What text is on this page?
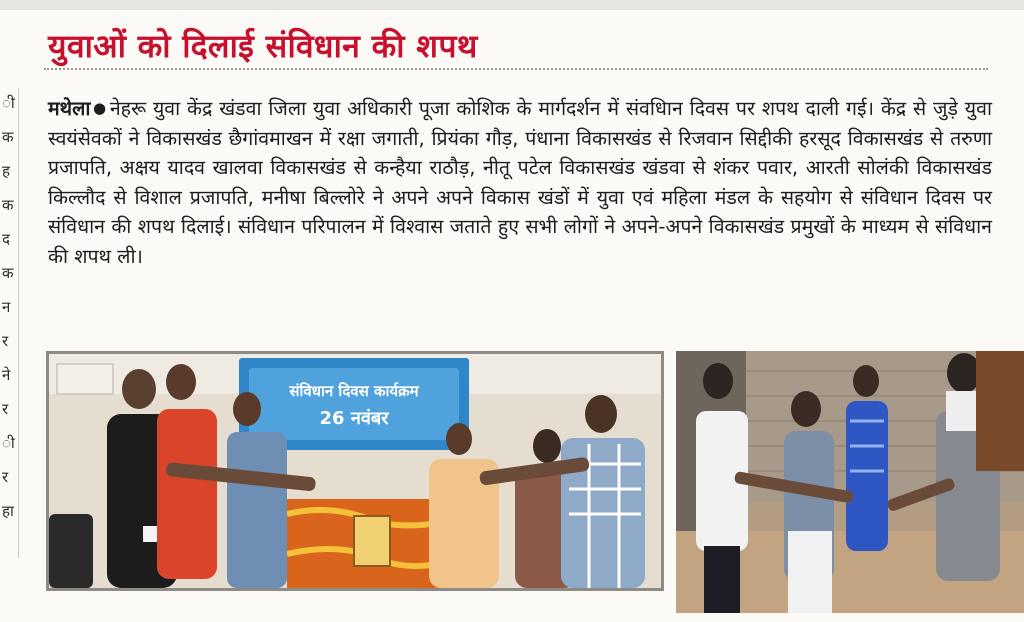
ी
क
ह
क
द
क
न
र
ने
र
ी
र
हा
युवाओं को दिलाई संविधान की शपथ

मथेला ● नेहरू युवा केंद्र खंडवा जिला युवा अधिकारी पूजा कोशिक के मार्गदर्शन में संवधिान दिवस पर शपथ दाली गई। केंद्र से जुड़े युवा स्वयंसेवकों ने विकासखंड छैगांवमाखन में रक्षा जगाती, प्रियंका गौड़, पंधाना विकासखंड से रिजवान सिद्दीकी हरसूद विकासखंड से तरुणा प्रजापति, अक्षय यादव खालवा विकासखंड से कन्हैया राठौड़, नीतू पटेल विकासखंड खंडवा से शंकर पवार, आरती सोलंकी विकासखंड किल्लौद से विशाल प्रजापति, मनीषा बिल्लोरे ने अपने अपने विकास खंडों में युवा एवं महिला मंडल के सहयोग से संविधान दिवस पर संविधान की शपथ दिलाई। संविधान परिपालन में विश्वास जताते हुए सभी लोगों ने अपने-अपने विकासखंड प्रमुखों के माध्यम से संविधान की शपथ ली।

संविधान दिवस कार्यक्रम
26 नवंबर
